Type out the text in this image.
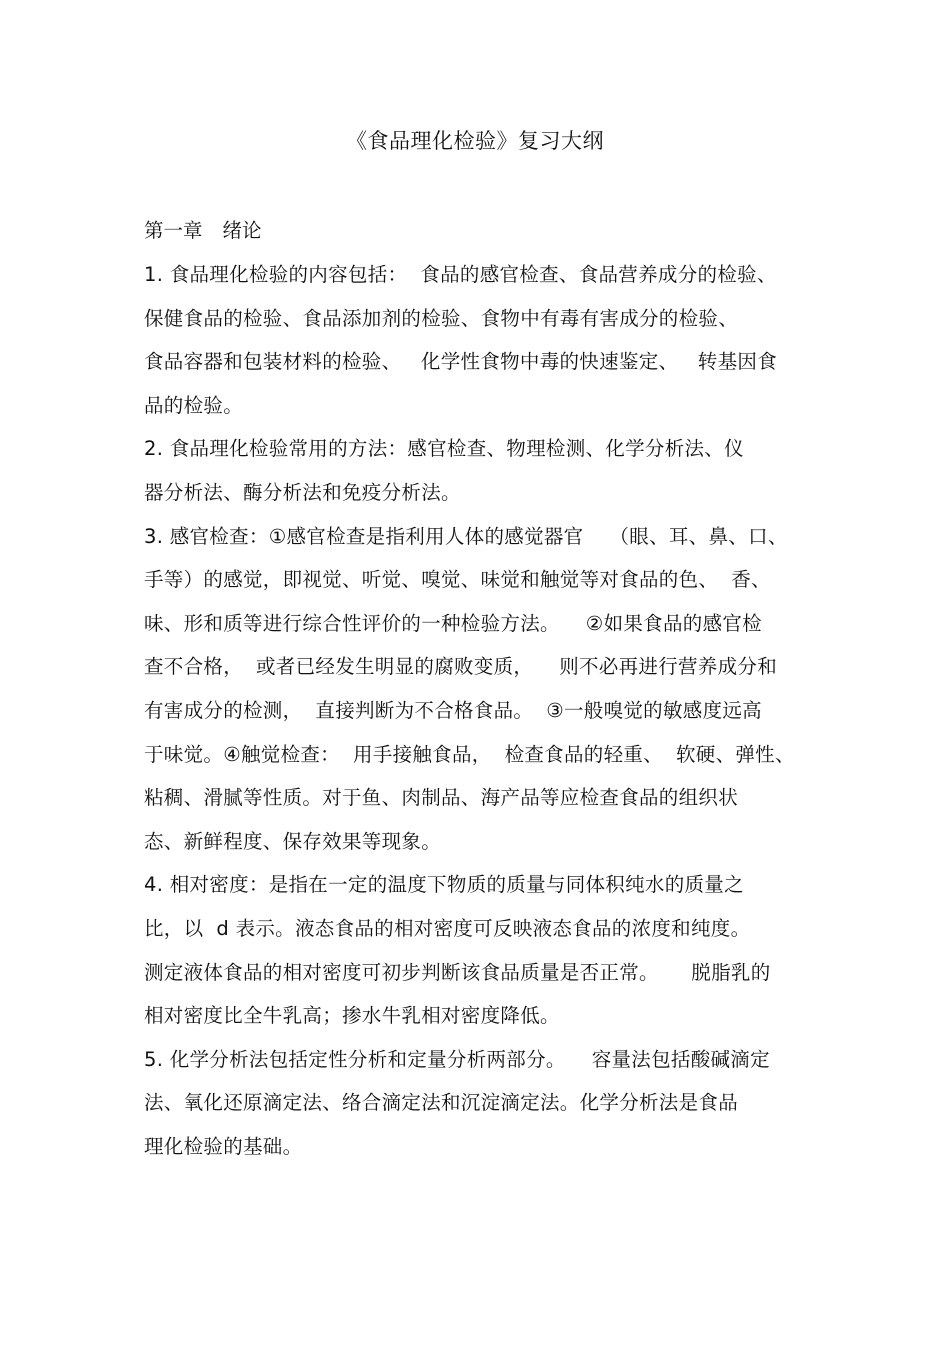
《食品理化检验》复习大纲
第一章 绪论
1. 食品理化检验的内容包括：  食品的感官检查、食品营养成分的检验、
保健食品的检验、食品添加剂的检验、食物中有毒有害成分的检验、
食品容器和包装材料的检验、   化学性食物中毒的快速鉴定、   转基因食
品的检验。
2. 食品理化检验常用的方法：感官检查、物理检测、化学分析法、仪
器分析法、酶分析法和免疫分析法。
3. 感官检查：①感官检查是指利用人体的感觉器官    （眼、耳、鼻、口、
手等）的感觉，即视觉、听觉、嗅觉、味觉和触觉等对食品的色、  香、
味、形和质等进行综合性评价的一种检验方法。    ②如果食品的感官检
查不合格，  或者已经发生明显的腐败变质，    则不必再进行营养成分和
有害成分的检测，  直接判断为不合格食品。  ③一般嗅觉的敏感度远高
于味觉。④触觉检查：  用手接触食品，  检查食品的轻重、  软硬、弹性、
粘稠、滑腻等性质。对于鱼、肉制品、海产品等应检查食品的组织状
态、新鲜程度、保存效果等现象。
4. 相对密度：是指在一定的温度下物质的质量与同体积纯水的质量之
比，以  d 表示。液态食品的相对密度可反映液态食品的浓度和纯度。
测定液体食品的相对密度可初步判断该食品质量是否正常。     脱脂乳的
相对密度比全牛乳高；掺水牛乳相对密度降低。
5. 化学分析法包括定性分析和定量分析两部分。    容量法包括酸碱滴定
法、氧化还原滴定法、络合滴定法和沉淀滴定法。化学分析法是食品
理化检验的基础。
